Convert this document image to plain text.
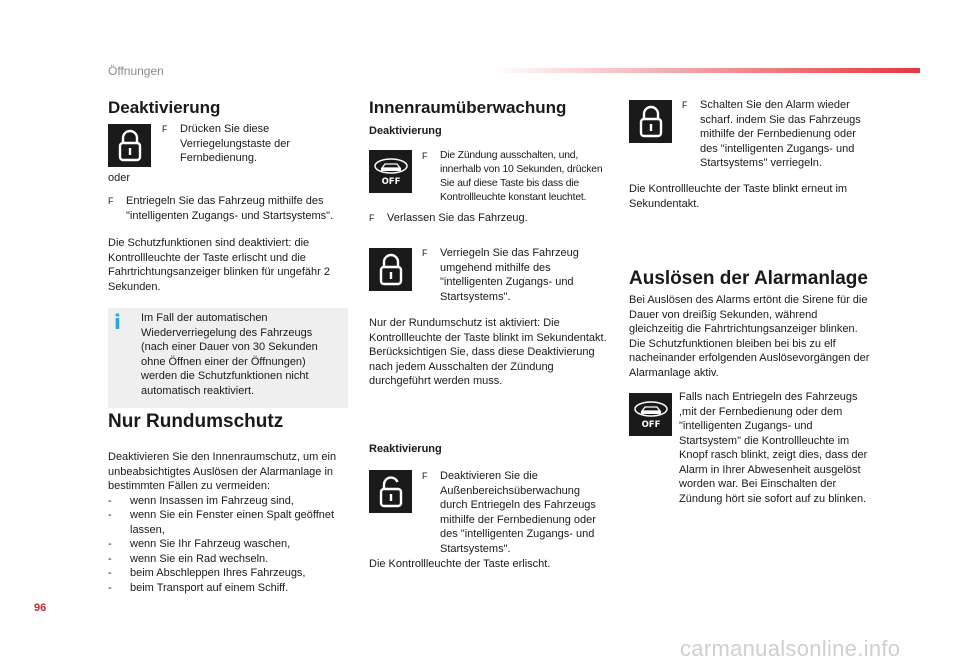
Öffnungen
Deaktivierung
F	Drücken Sie diese Verriegelungstaste der Fernbedienung.
oder
F	Entriegeln Sie das Fahrzeug mithilfe des "intelligenten Zugangs- und Startsystems".
Die Schutzfunktionen sind deaktiviert: die Kontrollleuchte der Taste erlischt und die Fahrtrichtungsanzeiger blinken für ungefähr 2 Sekunden.
i	Im Fall der automatischen Wiederverriegelung des Fahrzeugs (nach einer Dauer von 30 Sekunden ohne Öffnen einer der Öffnungen) werden die Schutzfunktionen nicht automatisch reaktiviert.
Nur Rundumschutz
Deaktivieren Sie den Innenraumschutz, um ein unbeabsichtigtes Auslösen der Alarmanlage in bestimmten Fällen zu vermeiden:
-	wenn Insassen im Fahrzeug sind,
-	wenn Sie ein Fenster einen Spalt geöffnet lassen,
-	wenn Sie Ihr Fahrzeug waschen,
-	wenn Sie ein Rad wechseln.
-	beim Abschleppen Ihres Fahrzeugs,
-	beim Transport auf einem Schiff.
Innenraumüberwachung
Deaktivierung
OFF
F	Die Zündung ausschalten, und, innerhalb von 10 Sekunden, drücken Sie auf diese Taste bis dass die Kontrollleuchte konstant leuchtet.
F	Verlassen Sie das Fahrzeug.
F	Verriegeln Sie das Fahrzeug umgehend mithilfe des "intelligenten Zugangs- und Startsystems".
Nur der Rundumschutz ist aktiviert: Die Kontrollleuchte der Taste blinkt im Sekundentakt. Berücksichtigen Sie, dass diese Deaktivierung nach jedem Ausschalten der Zündung durchgeführt werden muss.
Reaktivierung
F	Deaktivieren Sie die Außenbereichsüberwachung durch Entriegeln des Fahrzeugs mithilfe der Fernbedienung oder des "intelligenten Zugangs- und Startsystems".
Die Kontrollleuchte der Taste erlischt.
F	Schalten Sie den Alarm wieder scharf. indem Sie das Fahrzeugs mithilfe der Fernbedienung oder des "intelligenten Zugangs- und Startsystems" verriegeln.
Die Kontrollleuchte der Taste blinkt erneut im Sekundentakt.
Auslösen der Alarmanlage
Bei Auslösen des Alarms ertönt die Sirene für die Dauer von dreißig Sekunden, während gleichzeitig die Fahrtrichtungsanzeiger blinken. Die Schutzfunktionen bleiben bei bis zu elf nacheinander erfolgenden Auslösevorgängen der Alarmanlage aktiv.
OFF
Falls nach Entriegeln des Fahrzeugs ,mit der Fernbedienung oder dem "intelligenten Zugangs- und Startsystem" die Kontrollleuchte im Knopf rasch blinkt, zeigt dies, dass der Alarm in Ihrer Abwesenheit ausgelöst worden war. Bei Einschalten der Zündung hört sie sofort auf zu blinken.
96
carmanualsonline.info
